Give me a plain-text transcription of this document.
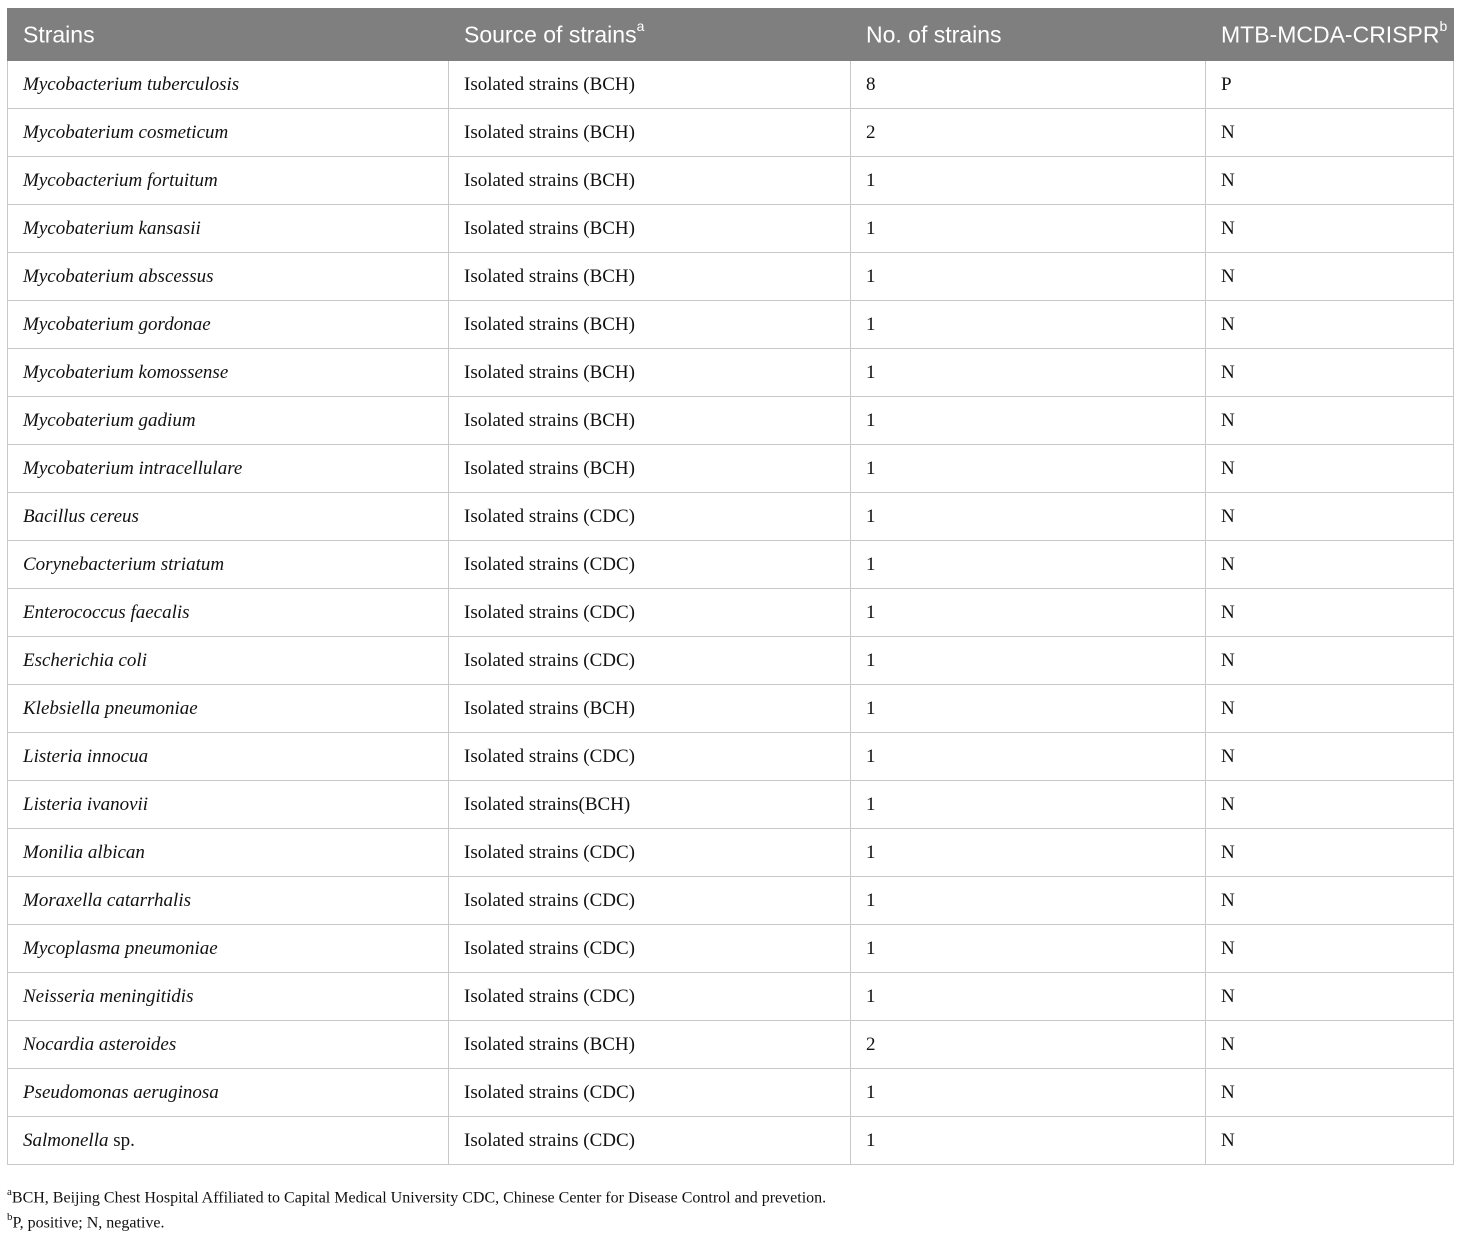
Strains	Source of strains$^a$	No. of strains	MTB-MCDA-CRISPR$^b$
Mycobacterium tuberculosis	Isolated strains (BCH)	8	P
Mycobaterium cosmeticum	Isolated strains (BCH)	2	N
Mycobacterium fortuitum	Isolated strains (BCH)	1	N
Mycobaterium kansasii	Isolated strains (BCH)	1	N
Mycobaterium abscessus	Isolated strains (BCH)	1	N
Mycobaterium gordonae	Isolated strains (BCH)	1	N
Mycobaterium komossense	Isolated strains (BCH)	1	N
Mycobaterium gadium	Isolated strains (BCH)	1	N
Mycobaterium intracellulare	Isolated strains (BCH)	1	N
Bacillus cereus	Isolated strains (CDC)	1	N
Corynebacterium striatum	Isolated strains (CDC)	1	N
Enterococcus faecalis	Isolated strains (CDC)	1	N
Escherichia coli	Isolated strains (CDC)	1	N
Klebsiella pneumoniae	Isolated strains (BCH)	1	N
Listeria innocua	Isolated strains (CDC)	1	N
Listeria ivanovii	Isolated strains(BCH)	1	N
Monilia albican	Isolated strains (CDC)	1	N
Moraxella catarrhalis	Isolated strains (CDC)	1	N
Mycoplasma pneumoniae	Isolated strains (CDC)	1	N
Neisseria meningitidis	Isolated strains (CDC)	1	N
Nocardia asteroides	Isolated strains (BCH)	2	N
Pseudomonas aeruginosa	Isolated strains (CDC)	1	N
Salmonella sp.	Isolated strains (CDC)	1	N
$^a$BCH, Beijing Chest Hospital Affiliated to Capital Medical University CDC, Chinese Center for Disease Control and prevetion.
$^b$P, positive; N, negative.
